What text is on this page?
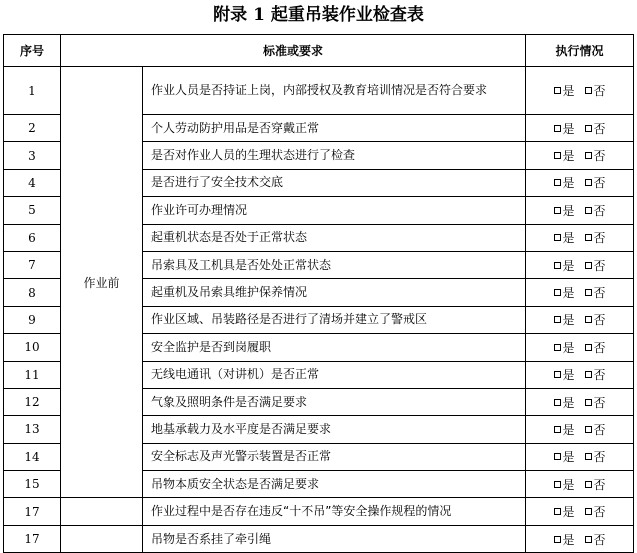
附录 1 起重吊装作业检查表
序号	标准或要求		执行情况
1	作业前	作业人员是否持证上岗，内部授权及教育培训情况是否符合要求	是 否
2		个人劳动防护用品是否穿戴正常	是 否
3		是否对作业人员的生理状态进行了检查	是 否
4		是否进行了安全技术交底	是 否
5		作业许可办理情况	是 否
6		起重机状态是否处于正常状态	是 否
7		吊索具及工机具是否处处正常状态	是 否
8		起重机及吊索具维护保养情况	是 否
9		作业区域、吊装路径是否进行了清场并建立了警戒区	是 否
10		安全监护是否到岗履职	是 否
11		无线电通讯（对讲机）是否正常	是 否
12		气象及照明条件是否满足要求	是 否
13		地基承载力及水平度是否满足要求	是 否
14		安全标志及声光警示装置是否正常	是 否
15		吊物本质安全状态是否满足要求	是 否
17		作业过程中是否存在违反“十不吊”等安全操作规程的情况	是 否
17		吊物是否系挂了牵引绳	是 否
